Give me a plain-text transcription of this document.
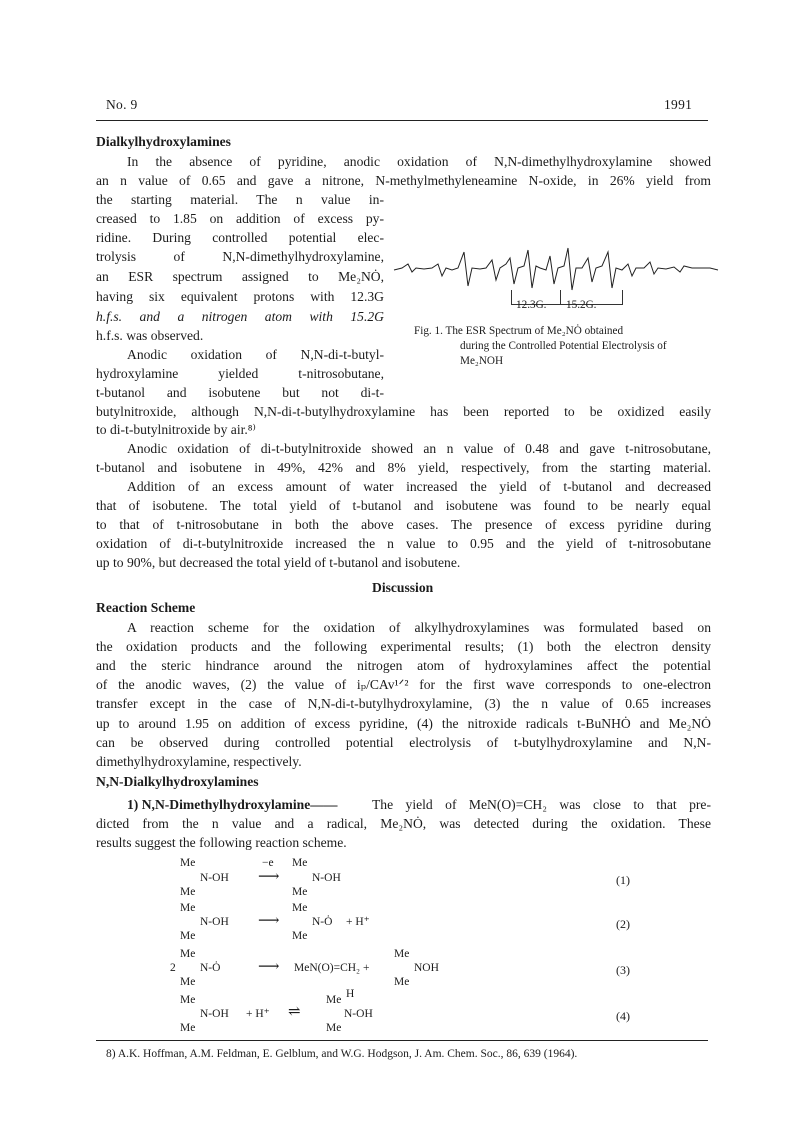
No. 9	1991
Dialkylhydroxylamines
In the absence of pyridine, anodic oxidation of N,N-dimethylhydroxylamine showed
an n value of 0.65 and gave a nitrone, N-methylmethyleneamine N-oxide, in 26% yield from
the starting material. The n value in-
creased to 1.85 on addition of excess py-
ridine. During controlled potential elec-
trolysis of N,N-dimethylhydroxylamine,
an ESR spectrum assigned to Me₂NȮ,
having six equivalent protons with 12.3G
h.f.s. and a nitrogen atom with 15.2G
h.f.s. was observed.
Anodic oxidation of N,N-di-t-butyl-
hydroxylamine yielded t-nitrosobutane,
t-butanol and isobutene but not di-t-
butylnitroxide, although N,N-di-t-butylhydroxylamine has been reported to be oxidized easily
to di-t-butylnitroxide by air.⁸⁾
Anodic oxidation of di-t-butylnitroxide showed an n value of 0.48 and gave t-nitrosobutane,
t-butanol and isobutene in 49%, 42% and 8% yield, respectively, from the starting material.
Addition of an excess amount of water increased the yield of t-butanol and decreased
that of isobutene. The total yield of t-butanol and isobutene was found to be nearly equal
to that of t-nitrosobutane in both the above cases. The presence of excess pyridine during
oxidation of di-t-butylnitroxide increased the n value to 0.95 and the yield of t-nitrosobutane
up to 90%, but decreased the total yield of t-butanol and isobutene.
12.3G. 15.2G.
Fig. 1. The ESR Spectrum of Me₂NȮ obtained
during the Controlled Potential Electrolysis of
Me₂NOH
Discussion
Reaction Scheme
A reaction scheme for the oxidation of alkylhydroxylamines was formulated based on
the oxidation products and the following experimental results; (1) both the electron density
and the steric hindrance around the nitrogen atom of hydroxylamines affect the potential
of the anodic waves, (2) the value of iₚ/CAv¹ᐟ² for the first wave corresponds to one-electron
transfer except in the case of N,N-di-t-butylhydroxylamine, (3) the n value of 0.65 increases
up to around 1.95 on addition of excess pyridine, (4) the nitroxide radicals t-BuNHȮ and Me₂NȮ
can be observed during controlled potential electrolysis of t-butylhydroxylamine and N,N-
dimethylhydroxylamine, respectively.
N,N-Dialkylhydroxylamines
1) N,N-Dimethylhydroxylamine——	The yield of MeN(O)=CH₂ was close to that pre-
dicted from the n value and a radical, Me₂NȮ, was detected during the oxidation. These
results suggest the following reaction scheme.
Me
N-OH
Me
−e
⟶
Me
N-OH
Me
(1)
Me
N-OH
Me
⟶
Me
N-Ȯ + H⁺
Me
(2)
2
Me
N-Ȯ
Me
⟶ MeN(O)=CH₂ +
Me
NOH
Me
(3)
Me
N-OH + H⁺
Me
⇌
H
Me
N-OH
Me
(4)
8) A.K. Hoffman, A.M. Feldman, E. Gelblum, and W.G. Hodgson, J. Am. Chem. Soc., 86, 639 (1964).
